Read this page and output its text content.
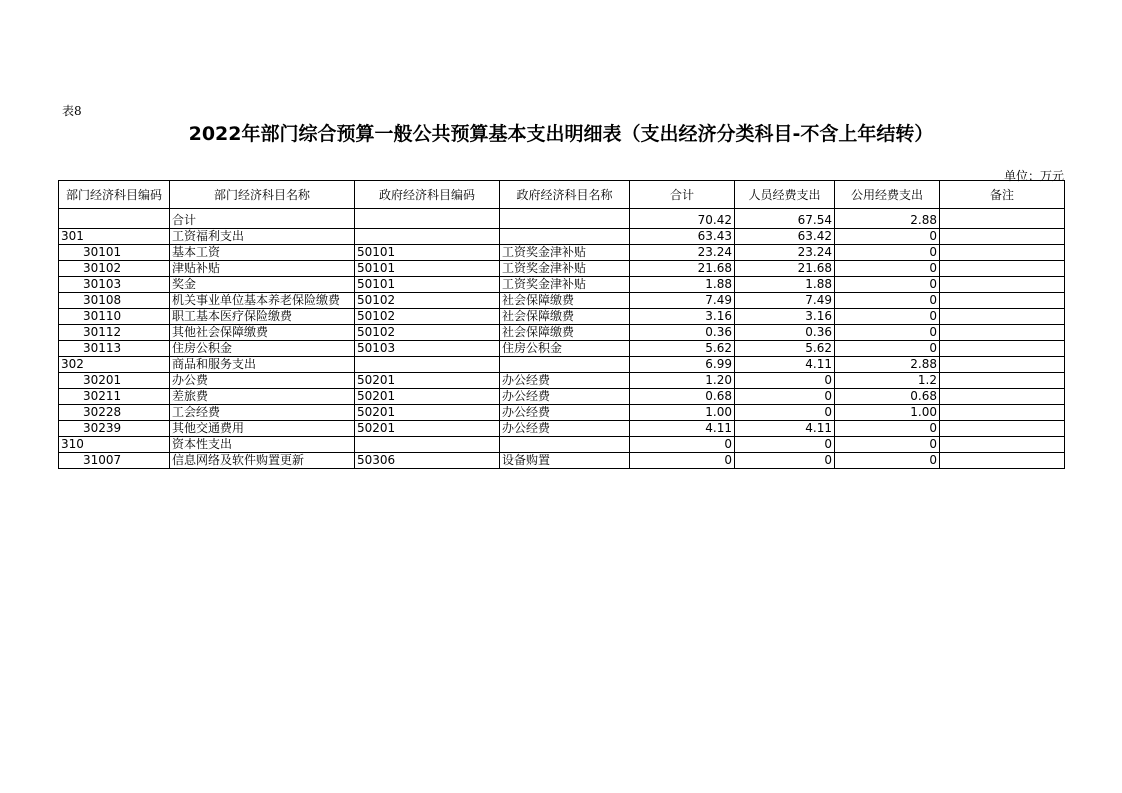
表8
2022年部门综合预算一般公共预算基本支出明细表（支出经济分类科目-不含上年结转）
单位：万元
部门经济科目编码	部门经济科目名称	政府经济科目编码	政府经济科目名称	合计	人员经费支出	公用经费支出	备注
	合计			70.42	67.54	2.88	
301	工资福利支出			63.43	63.42	0	
30101	基本工资	50101	工资奖金津补贴	23.24	23.24	0	
30102	津贴补贴	50101	工资奖金津补贴	21.68	21.68	0	
30103	奖金	50101	工资奖金津补贴	1.88	1.88	0	
30108	机关事业单位基本养老保险缴费	50102	社会保障缴费	7.49	7.49	0	
30110	职工基本医疗保险缴费	50102	社会保障缴费	3.16	3.16	0	
30112	其他社会保障缴费	50102	社会保障缴费	0.36	0.36	0	
30113	住房公积金	50103	住房公积金	5.62	5.62	0	
302	商品和服务支出			6.99	4.11	2.88	
30201	办公费	50201	办公经费	1.20	0	1.2	
30211	差旅费	50201	办公经费	0.68	0	0.68	
30228	工会经费	50201	办公经费	1.00	0	1.00	
30239	其他交通费用	50201	办公经费	4.11	4.11	0	
310	资本性支出			0	0	0	
31007	信息网络及软件购置更新	50306	设备购置	0	0	0	
